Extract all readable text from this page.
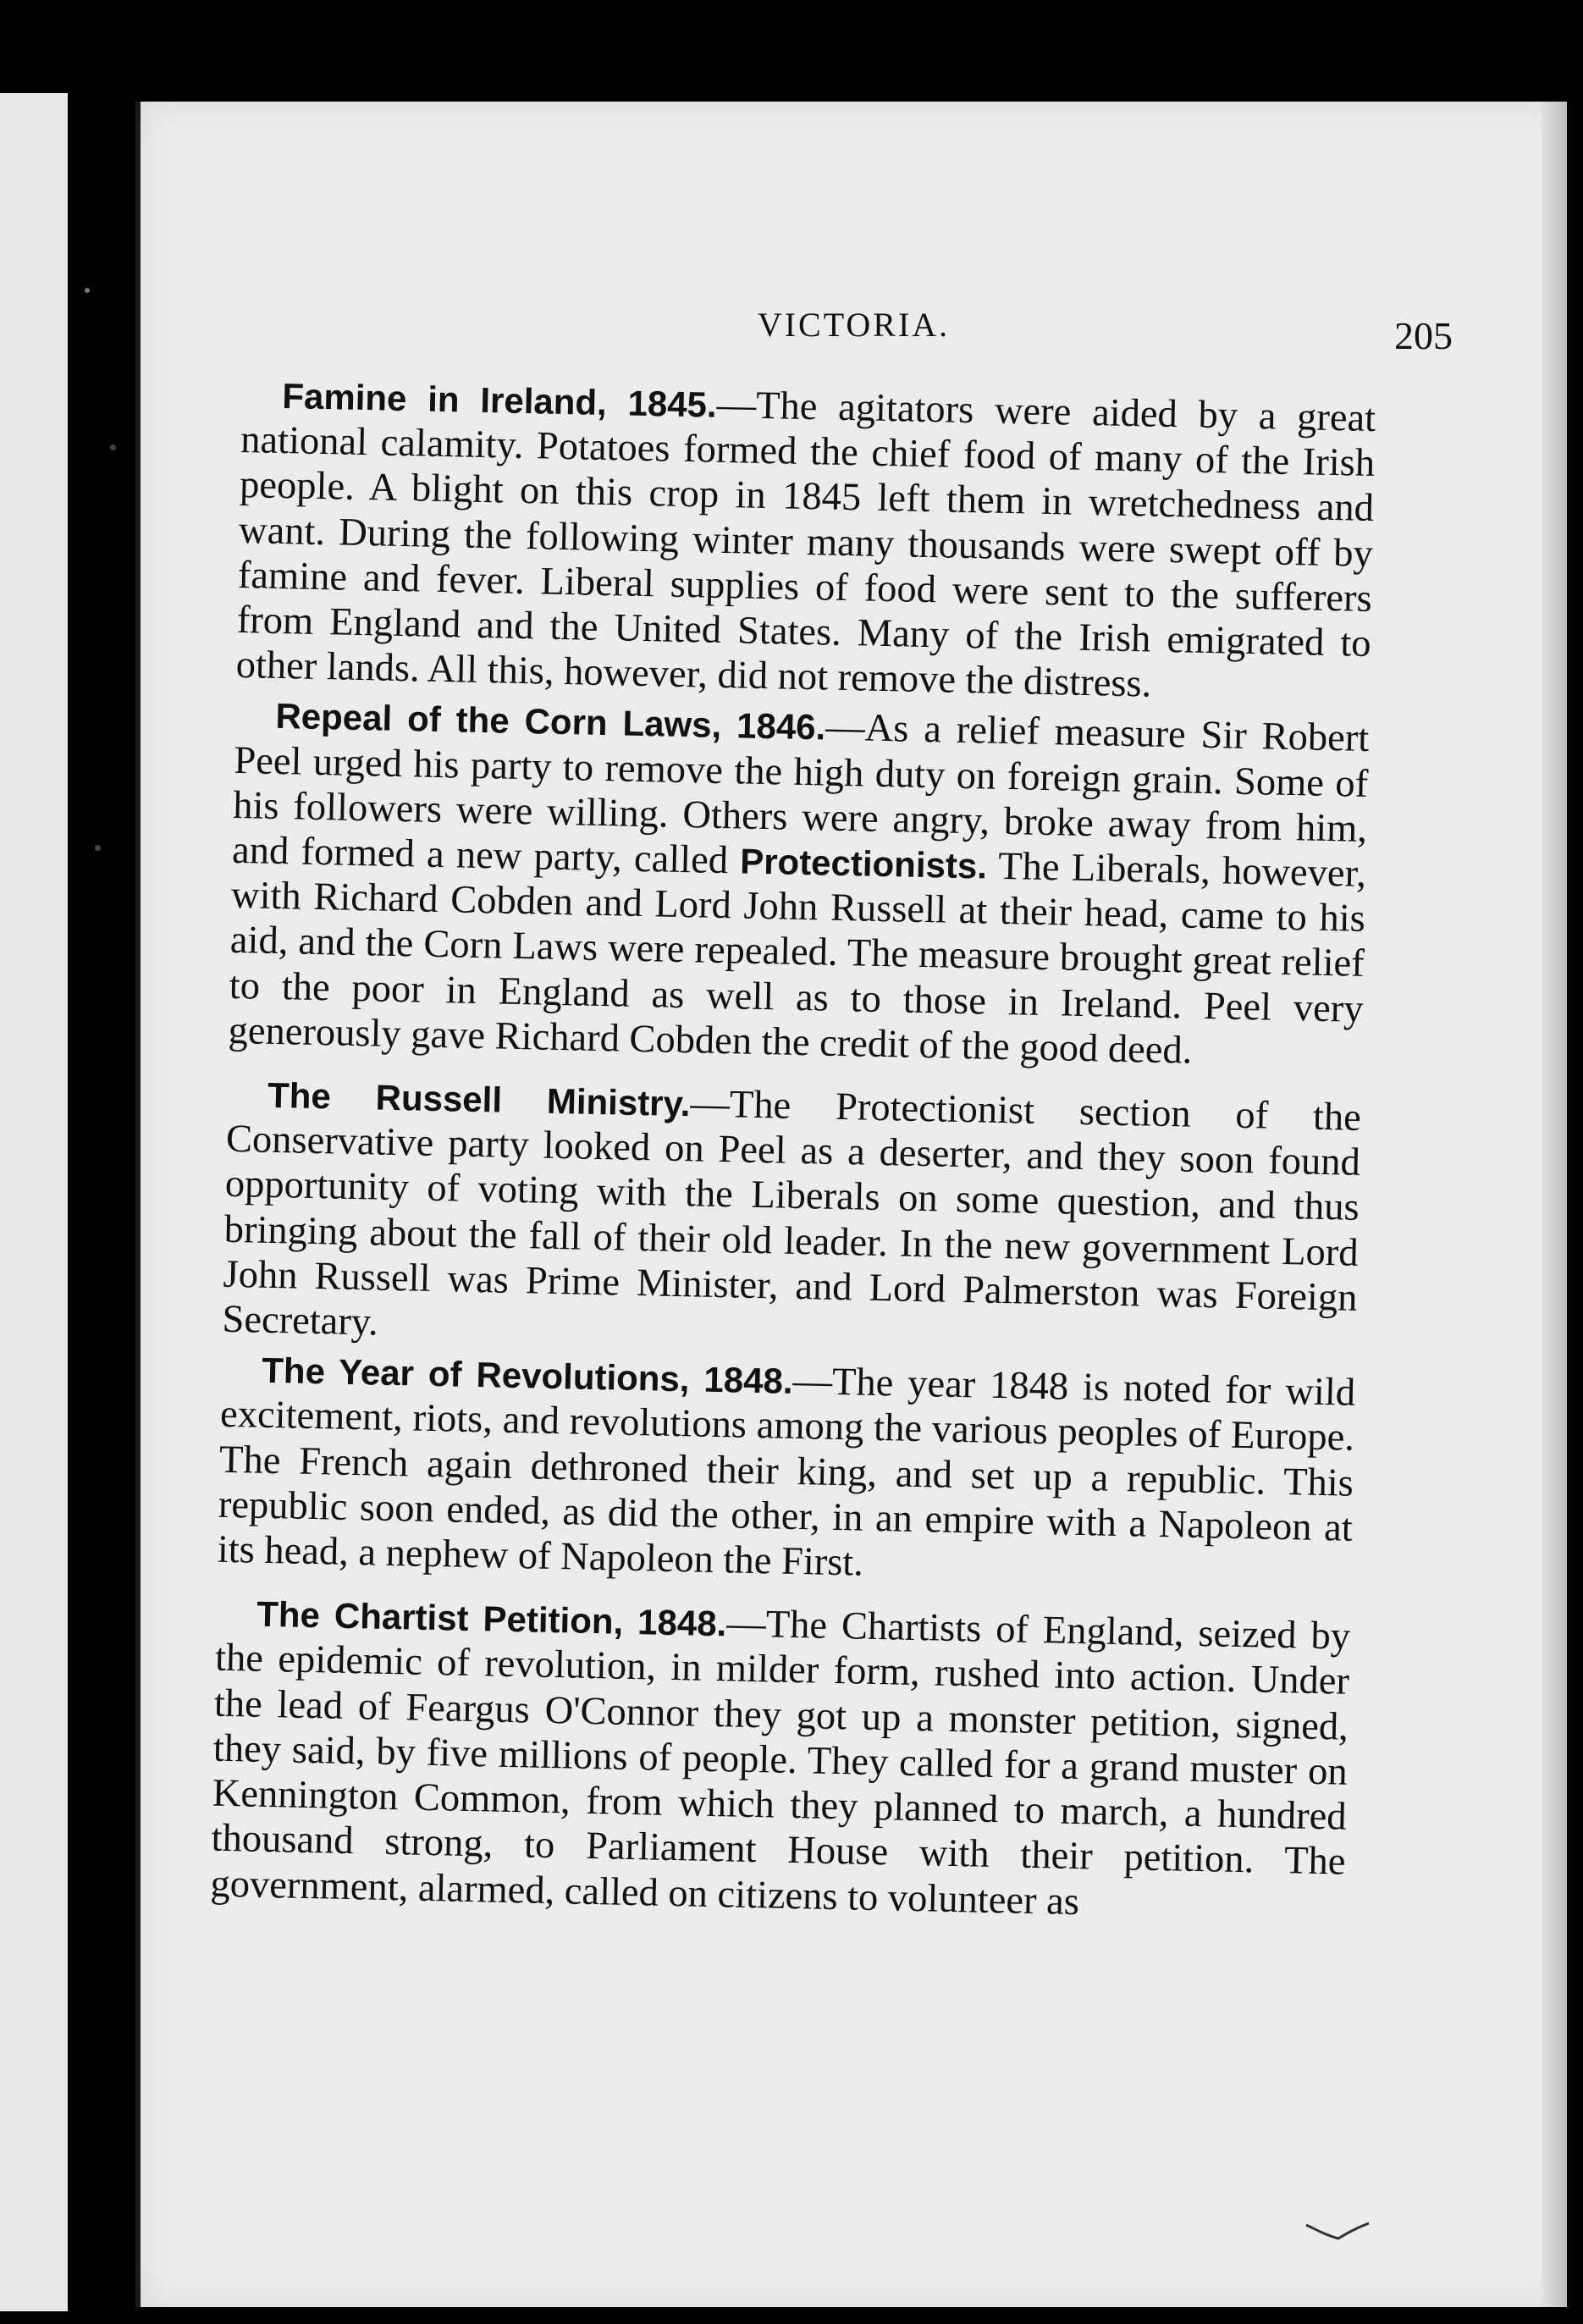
VICTORIA.	205

Famine in Ireland, 1845.—The agitators were aided by a great national calamity. Potatoes formed the chief food of many of the Irish people. A blight on this crop in 1845 left them in wretchedness and want. During the following winter many thousands were swept off by famine and fever. Liberal supplies of food were sent to the sufferers from England and the United States. Many of the Irish emigrated to other lands. All this, however, did not remove the distress.

Repeal of the Corn Laws, 1846.—As a relief measure Sir Robert Peel urged his party to remove the high duty on foreign grain. Some of his followers were willing. Others were angry, broke away from him, and formed a new party, called Protectionists. The Liberals, however, with Richard Cobden and Lord John Russell at their head, came to his aid, and the Corn Laws were repealed. The measure brought great relief to the poor in England as well as to those in Ireland. Peel very generously gave Richard Cobden the credit of the good deed.

The Russell Ministry.—The Protectionist section of the Conservative party looked on Peel as a deserter, and they soon found opportunity of voting with the Liberals on some question, and thus bringing about the fall of their old leader. In the new government Lord John Russell was Prime Minister, and Lord Palmerston was Foreign Secretary.

The Year of Revolutions, 1848.—The year 1848 is noted for wild excitement, riots, and revolutions among the various peoples of Europe. The French again dethroned their king, and set up a republic. This republic soon ended, as did the other, in an empire with a Napoleon at its head, a nephew of Napoleon the First.

The Chartist Petition, 1848.—The Chartists of England, seized by the epidemic of revolution, in milder form, rushed into action. Under the lead of Feargus O'Connor they got up a monster petition, signed, they said, by five millions of people. They called for a grand muster on Kennington Common, from which they planned to march, a hundred thousand strong, to Parliament House with their petition. The government, alarmed, called on citizens to volunteer as
